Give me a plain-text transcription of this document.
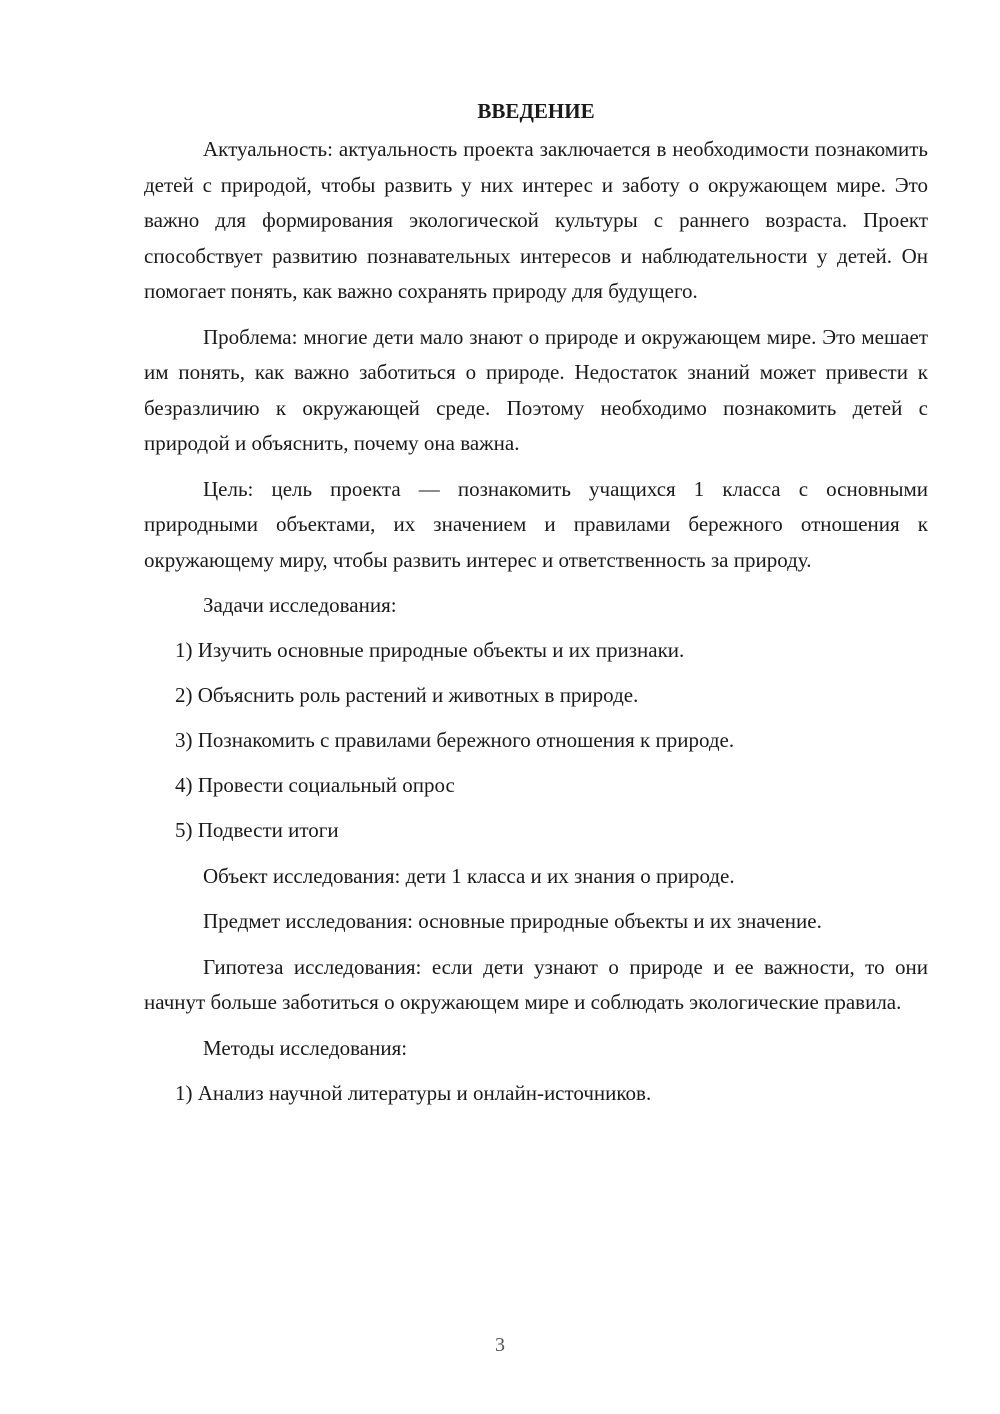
ВВЕДЕНИЕ

Актуальность: актуальность проекта заключается в необходимости познакомить детей с природой, чтобы развить у них интерес и заботу о окружающем мире. Это важно для формирования экологической культуры с раннего возраста. Проект способствует развитию познавательных интересов и наблюдательности у детей. Он помогает понять, как важно сохранять природу для будущего.

Проблема: многие дети мало знают о природе и окружающем мире. Это мешает им понять, как важно заботиться о природе. Недостаток знаний может привести к безразличию к окружающей среде. Поэтому необходимо познакомить детей с природой и объяснить, почему она важна.

Цель: цель проекта — познакомить учащихся 1 класса с основными природными объектами, их значением и правилами бережного отношения к окружающему миру, чтобы развить интерес и ответственность за природу.

Задачи исследования:

1) Изучить основные природные объекты и их признаки.

2) Объяснить роль растений и животных в природе.

3) Познакомить с правилами бережного отношения к природе.

4) Провести социальный опрос

5) Подвести итоги

Объект исследования: дети 1 класса и их знания о природе.

Предмет исследования: основные природные объекты и их значение.

Гипотеза исследования: если дети узнают о природе и ее важности, то они начнут больше заботиться о окружающем мире и соблюдать экологические правила.

Методы исследования:

1) Анализ научной литературы и онлайн-источников.

3
